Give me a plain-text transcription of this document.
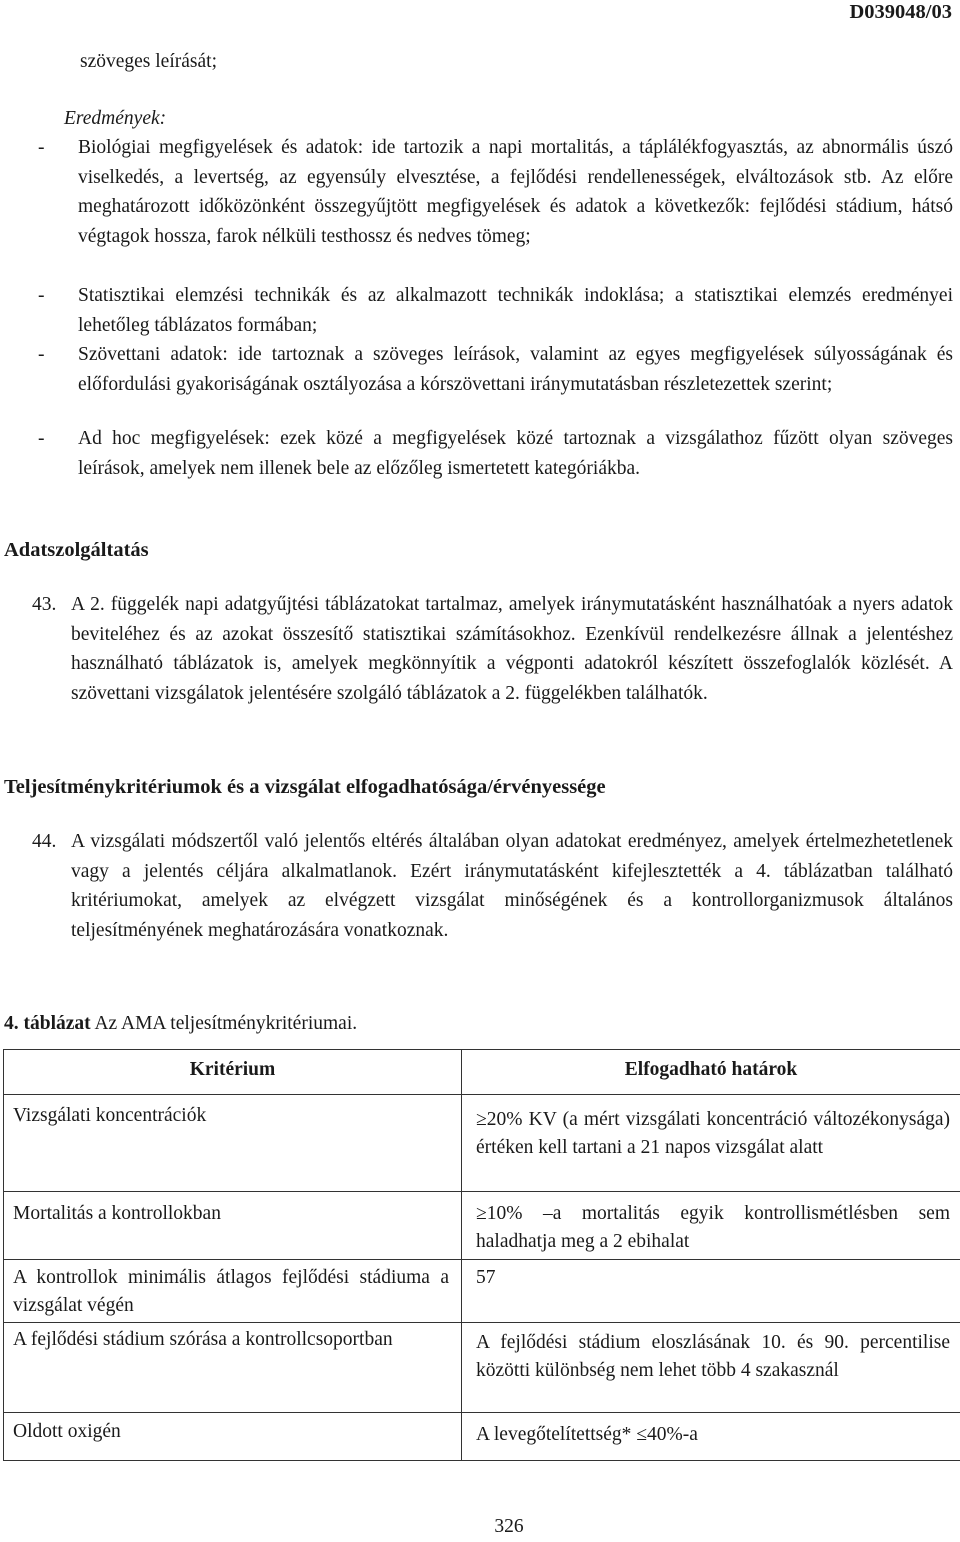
D039048/03
szöveges leírását;
Eredmények:
- Biológiai megfigyelések és adatok: ide tartozik a napi mortalitás, a táplálékfogyasztás, az abnormális úszó viselkedés, a levertség, az egyensúly elvesztése, a fejlődési rendellenességek, elváltozások stb. Az előre meghatározott időközönként összegyűjtött megfigyelések és adatok a következők: fejlődési stádium, hátsó végtagok hossza, farok nélküli testhossz és nedves tömeg;
- Statisztikai elemzési technikák és az alkalmazott technikák indoklása; a statisztikai elemzés eredményei lehetőleg táblázatos formában;
- Szövettani adatok: ide tartoznak a szöveges leírások, valamint az egyes megfigyelések súlyosságának és előfordulási gyakoriságának osztályozása a kórszövettani iránymutatásban részletezettek szerint;
- Ad hoc megfigyelések: ezek közé a megfigyelések közé tartoznak a vizsgálathoz fűzött olyan szöveges leírások, amelyek nem illenek bele az előzőleg ismertetett kategóriákba.
Adatszolgáltatás
43. A 2. függelék napi adatgyűjtési táblázatokat tartalmaz, amelyek iránymutatásként használhatóak a nyers adatok beviteléhez és az azokat összesítő statisztikai számításokhoz. Ezenkívül rendelkezésre állnak a jelentéshez használható táblázatok is, amelyek megkönnyítik a végponti adatokról készített összefoglalók közlését. A szövettani vizsgálatok jelentésére szolgáló táblázatok a 2. függelékben találhatók.
Teljesítménykritériumok és a vizsgálat elfogadhatósága/érvényessége
44. A vizsgálati módszertől való jelentős eltérés általában olyan adatokat eredményez, amelyek értelmezhetetlenek vagy a jelentés céljára alkalmatlanok. Ezért iránymutatásként kifejlesztették a 4. táblázatban található kritériumokat, amelyek az elvégzett vizsgálat minőségének és a kontrollorganizmusok általános teljesítményének meghatározására vonatkoznak.
4. táblázat Az AMA teljesítménykritériumai.
Kritérium	Elfogadható határok
Vizsgálati koncentrációk	≥20% KV (a mért vizsgálati koncentráció változékonysága) értéken kell tartani a 21 napos vizsgálat alatt
Mortalitás a kontrollokban	≥10% –a mortalitás egyik kontrollismétlésben sem haladhatja meg a 2 ebihalat
A kontrollok minimális átlagos fejlődési stádiuma a vizsgálat végén	57
A fejlődési stádium szórása a kontrollcsoportban	A fejlődési stádium eloszlásának 10. és 90. percentilise közötti különbség nem lehet több 4 szakasznál
Oldott oxigén	A levegőtelítettség* ≤40%-a
326
